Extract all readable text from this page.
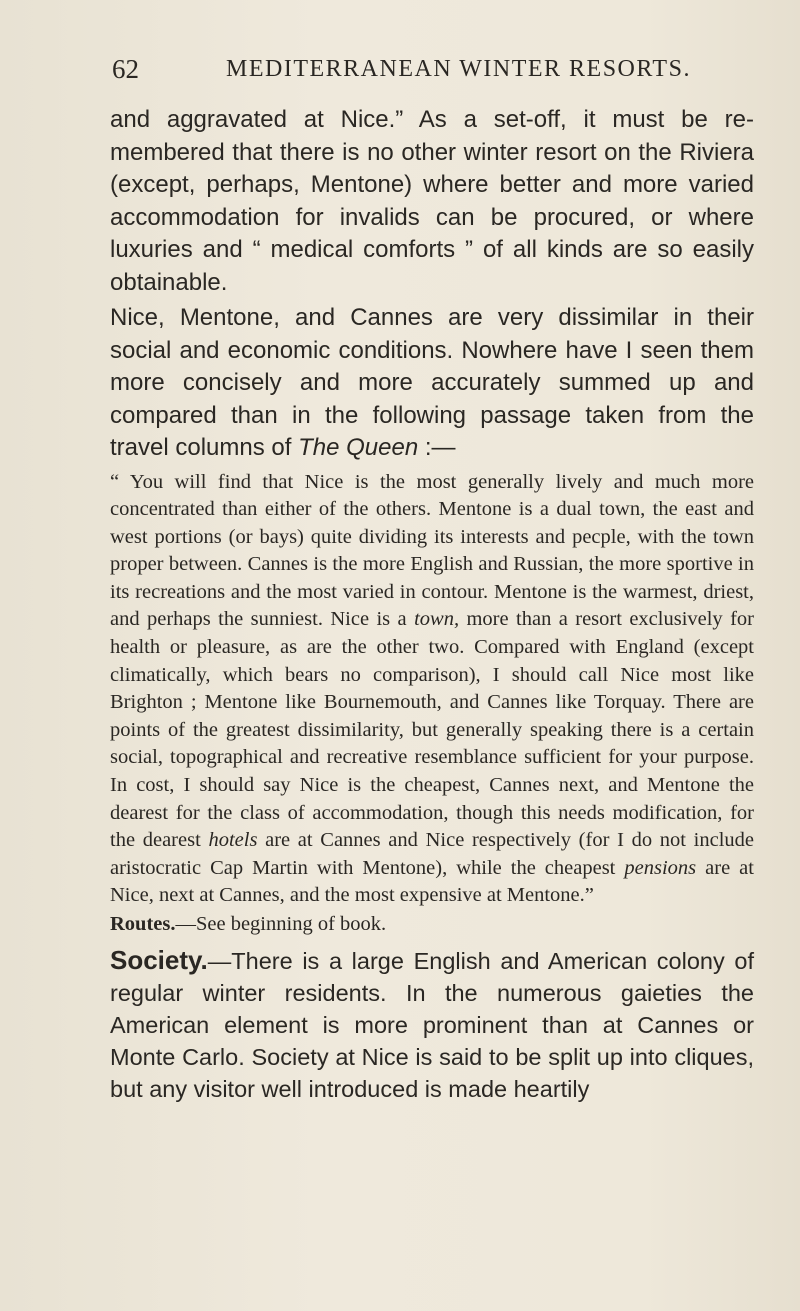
62	MEDITERRANEAN WINTER RESORTS.

and aggravated at Nice.” As a set-off, it must be re-membered that there is no other winter resort on the Riviera (except, perhaps, Mentone) where better and more varied accommodation for invalids can be procured, or where luxuries and “ medical comforts ” of all kinds are so easily obtainable.

Nice, Mentone, and Cannes are very dissimilar in their social and economic conditions. Nowhere have I seen them more concisely and more accurately summed up and compared than in the following passage taken from the travel columns of The Queen :—

“ You will find that Nice is the most generally lively and much more concentrated than either of the others. Mentone is a dual town, the east and west portions (or bays) quite dividing its interests and pecple, with the town proper between. Cannes is the more English and Russian, the more sportive in its recreations and the most varied in contour. Mentone is the warmest, driest, and perhaps the sunniest. Nice is a town, more than a resort exclusively for health or pleasure, as are the other two. Compared with England (except climatically, which bears no comparison), I should call Nice most like Brighton ; Mentone like Bournemouth, and Cannes like Torquay. There are points of the greatest dissimilarity, but generally speaking there is a certain social, topographical and recreative resemblance sufficient for your purpose. In cost, I should say Nice is the cheapest, Cannes next, and Mentone the dearest for the class of accommodation, though this needs modification, for the dearest hotels are at Cannes and Nice respectively (for I do not include aristocratic Cap Martin with Mentone), while the cheapest pensions are at Nice, next at Cannes, and the most expensive at Mentone.”

Routes.—See beginning of book.

Society.—There is a large English and American colony of regular winter residents. In the numerous gaieties the American element is more prominent than at Cannes or Monte Carlo. Society at Nice is said to be split up into cliques, but any visitor well introduced is made heartily
